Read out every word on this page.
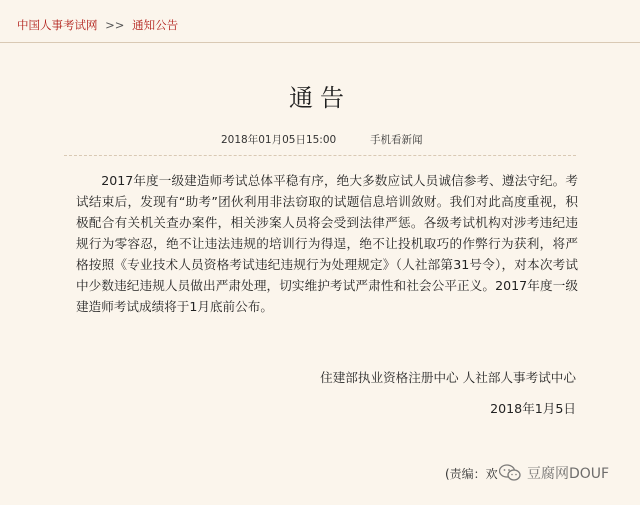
中国人事考试网 >> 通知公告
通告
2018年01月05日15:00	手机看新闻

2017年度一级建造师考试总体平稳有序，绝大多数应试人员诚信参考、遵法守纪。考试结束后，发现有“助考”团伙利用非法窃取的试题信息培训敛财。我们对此高度重视，积极配合有关机关查办案件，相关涉案人员将会受到法律严惩。各级考试机构对涉考违纪违规行为零容忍，绝不让违法违规的培训行为得逞，绝不让投机取巧的作弊行为获利，将严格按照《专业技术人员资格考试违纪违规行为处理规定》（人社部第31号令），对本次考试中少数违纪违规人员做出严肃处理，切实维护考试严肃性和社会公平正义。2017年度一级建造师考试成绩将于1月底前公布。

住建部执业资格注册中心 人社部人事考试中心
2018年1月5日
(责编：欢 豆腐网DOUF
